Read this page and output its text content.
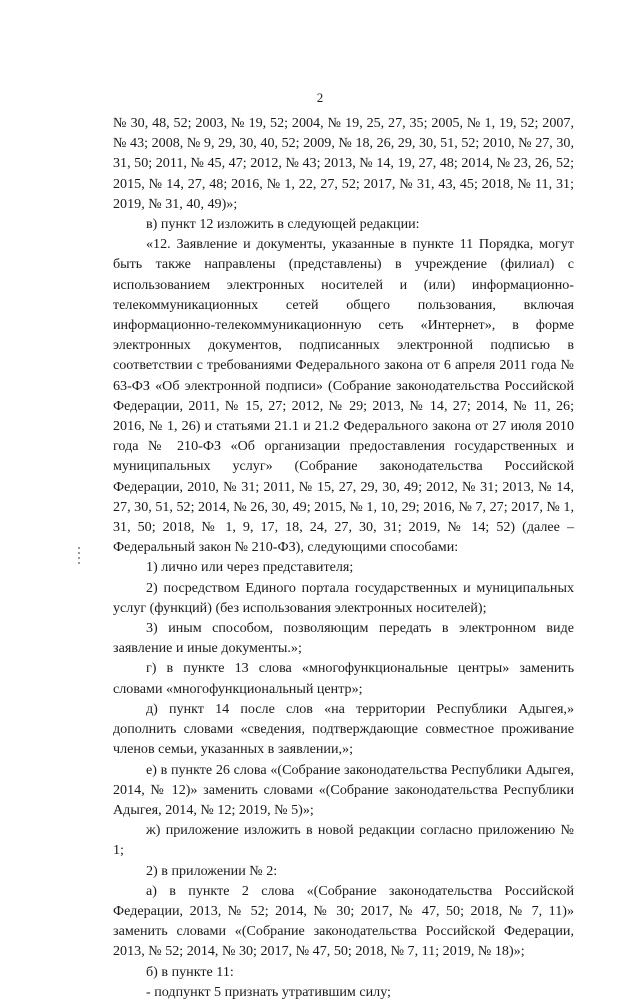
2

№ 30, 48, 52; 2003, № 19, 52; 2004, № 19, 25, 27, 35; 2005, № 1, 19, 52; 2007, № 43; 2008, № 9, 29, 30, 40, 52; 2009, № 18, 26, 29, 30, 51, 52; 2010, № 27, 30, 31, 50; 2011, № 45, 47; 2012, № 43; 2013, № 14, 19, 27, 48; 2014, № 23, 26, 52; 2015, № 14, 27, 48; 2016, № 1, 22, 27, 52; 2017, № 31, 43, 45; 2018, № 11, 31; 2019, № 31, 40, 49)»;

в) пункт 12 изложить в следующей редакции:

«12. Заявление и документы, указанные в пункте 11 Порядка, могут быть также направлены (представлены) в учреждение (филиал) с использованием электронных носителей и (или) информационно-телекоммуникационных сетей общего пользования, включая информационно-телекоммуникационную сеть «Интернет», в форме электронных документов, подписанных электронной подписью в соответствии с требованиями Федерального закона от 6 апреля 2011 года № 63-ФЗ «Об электронной подписи» (Собрание законодательства Российской Федерации, 2011, № 15, 27; 2012, № 29; 2013, № 14, 27; 2014, № 11, 26; 2016, № 1, 26) и статьями 21.1 и 21.2 Федерального закона от 27 июля 2010 года № 210-ФЗ «Об организации предоставления государственных и муниципальных услуг» (Собрание законодательства Российской Федерации, 2010, № 31; 2011, № 15, 27, 29, 30, 49; 2012, № 31; 2013, № 14, 27, 30, 51, 52; 2014, № 26, 30, 49; 2015, № 1, 10, 29; 2016, № 7, 27; 2017, № 1, 31, 50; 2018, № 1, 9, 17, 18, 24, 27, 30, 31; 2019, № 14; 52) (далее – Федеральный закон № 210-ФЗ), следующими способами:

1) лично или через представителя;

2) посредством Единого портала государственных и муниципальных услуг (функций) (без использования электронных носителей);

3) иным способом, позволяющим передать в электронном виде заявление и иные документы.»;

г) в пункте 13 слова «многофункциональные центры» заменить словами «многофункциональный центр»;

д) пункт 14 после слов «на территории Республики Адыгея,» дополнить словами «сведения, подтверждающие совместное проживание членов семьи, указанных в заявлении,»;

е) в пункте 26 слова «(Собрание законодательства Республики Адыгея, 2014, № 12)» заменить словами «(Собрание законодательства Республики Адыгея, 2014, № 12; 2019, № 5)»;

ж) приложение изложить в новой редакции согласно приложению № 1;

2) в приложении № 2:

а) в пункте 2 слова «(Собрание законодательства Российской Федерации, 2013, № 52; 2014, № 30; 2017, № 47, 50; 2018, № 7, 11)» заменить словами «(Собрание законодательства Российской Федерации, 2013, № 52; 2014, № 30; 2017, № 47, 50; 2018, № 7, 11; 2019, № 18)»;

б) в пункте 11:

- подпункт 5 признать утратившим силу;
